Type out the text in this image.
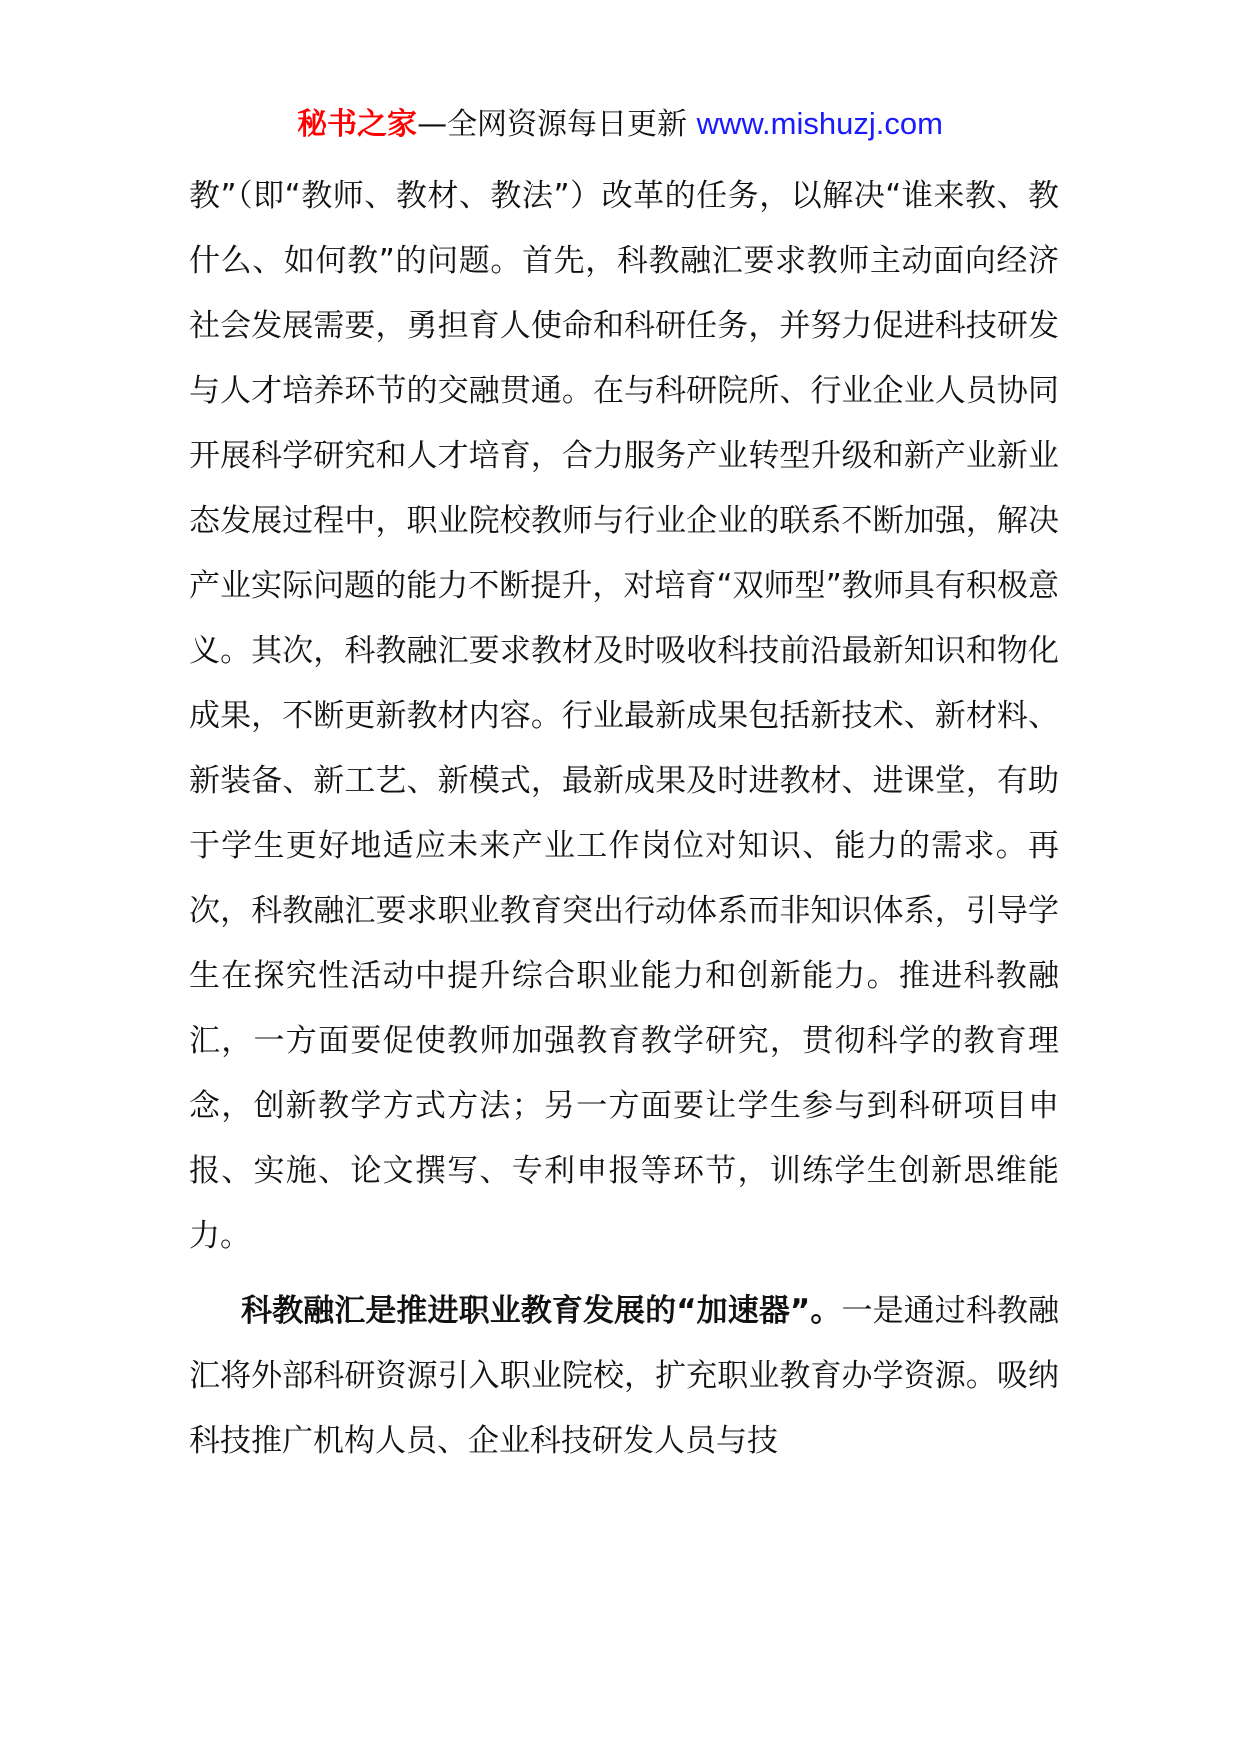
秘书之家—全网资源每日更新 www.mishuzj.com

教”（即“教师、教材、教法”）改革的任务，以解决“谁来教、教什么、如何教”的问题。首先，科教融汇要求教师主动面向经济社会发展需要，勇担育人使命和科研任务，并努力促进科技研发与人才培养环节的交融贯通。在与科研院所、行业企业人员协同开展科学研究和人才培育，合力服务产业转型升级和新产业新业态发展过程中，职业院校教师与行业企业的联系不断加强，解决产业实际问题的能力不断提升，对培育“双师型”教师具有积极意义。其次，科教融汇要求教材及时吸收科技前沿最新知识和物化成果，不断更新教材内容。行业最新成果包括新技术、新材料、新装备、新工艺、新模式，最新成果及时进教材、进课堂，有助于学生更好地适应未来产业工作岗位对知识、能力的需求。再次，科教融汇要求职业教育突出行动体系而非知识体系，引导学生在探究性活动中提升综合职业能力和创新能力。推进科教融汇，一方面要促使教师加强教育教学研究，贯彻科学的教育理念，创新教学方式方法；另一方面要让学生参与到科研项目申报、实施、论文撰写、专利申报等环节，训练学生创新思维能力。

科教融汇是推进职业教育发展的“加速器”。一是通过科教融汇将外部科研资源引入职业院校，扩充职业教育办学资源。吸纳科技推广机构人员、企业科技研发人员与技
